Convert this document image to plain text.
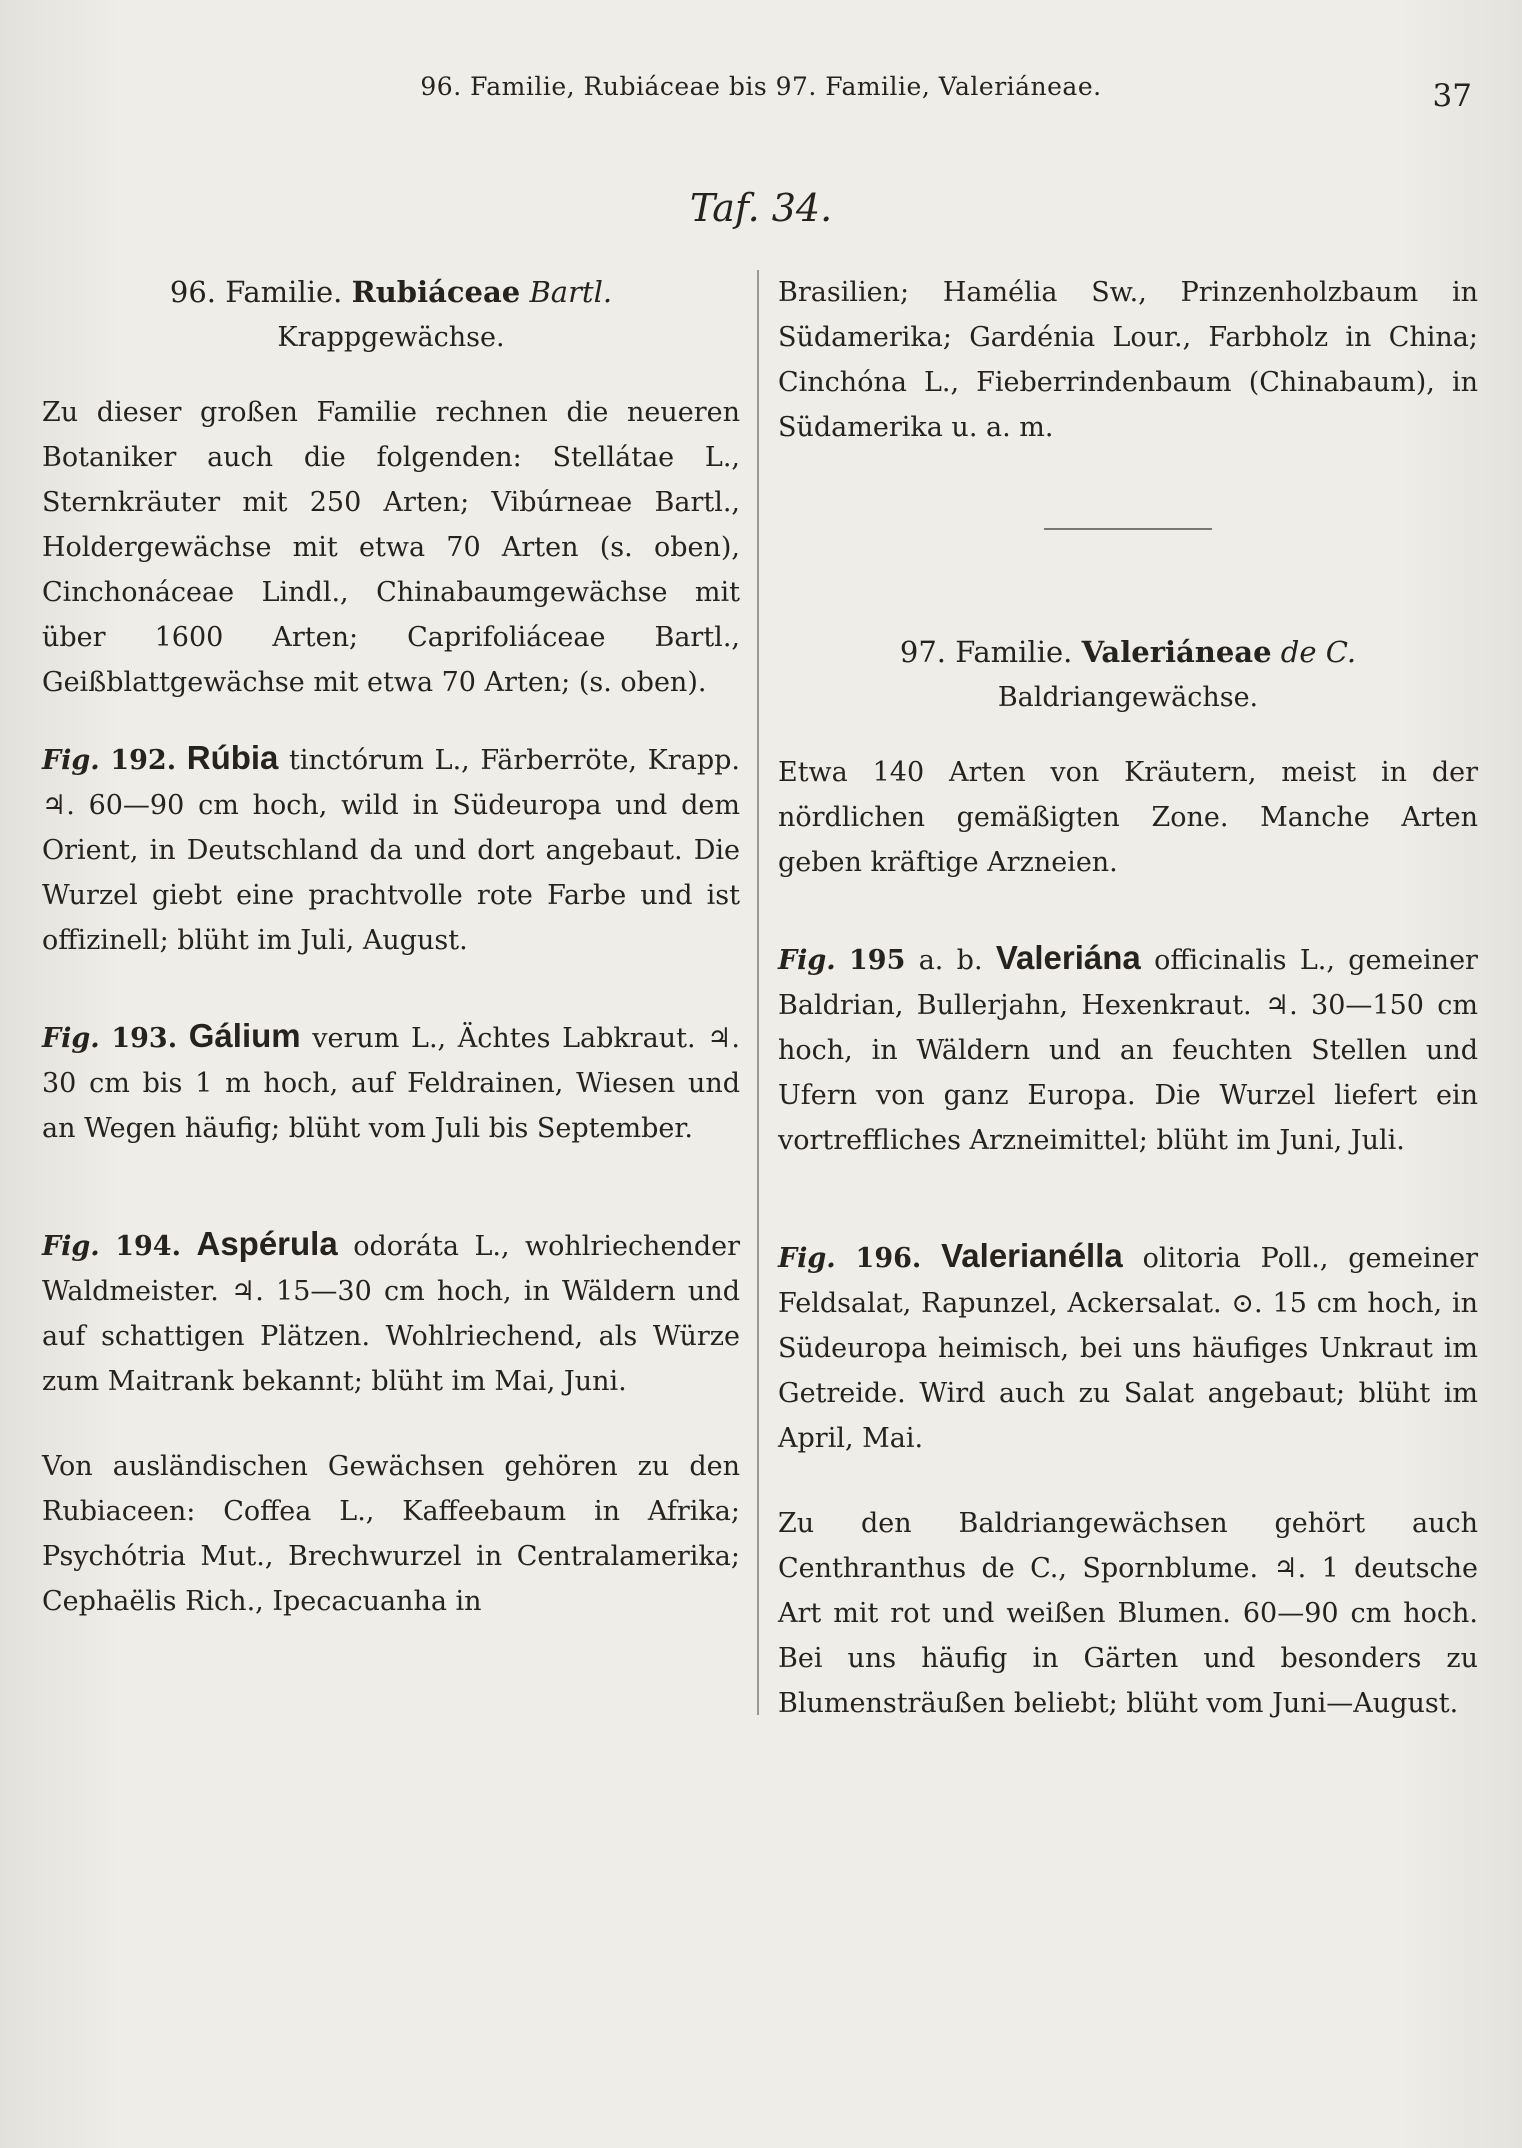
96. Familie, Rubiáceae bis 97. Familie, Valeriáneae.	37
Taf. 34.
96. Familie. Rubiáceae Bartl.
Krappgewächse.

Zu dieser großen Familie rechnen die neueren Botaniker auch die folgenden: Stellátae L., Sternkräuter mit 250 Arten; Vibúrneae Bartl., Holdergewächse mit etwa 70 Arten (s. oben), Cinchonáceae Lindl., Chinabaumgewächse mit über 1600 Arten; Caprifoliáceae Bartl., Geißblattgewächse mit etwa 70 Arten; (s. oben).

Fig. 192. Rúbia tinctórum L., Färberröte, Krapp. ♃. 60—90 cm hoch, wild in Südeuropa und dem Orient, in Deutschland da und dort angebaut. Die Wurzel giebt eine prachtvolle rote Farbe und ist offizinell; blüht im Juli, August.
Fig. 193. Gálium verum L., Ächtes Labkraut. ♃. 30 cm bis 1 m hoch, auf Feldrainen, Wiesen und an Wegen häufig; blüht vom Juli bis September.
Fig. 194. Aspérula odoráta L., wohlriechender Waldmeister. ♃. 15—30 cm hoch, in Wäldern und auf schattigen Plätzen. Wohlriechend, als Würze zum Maitrank bekannt; blüht im Mai, Juni.

Von ausländischen Gewächsen gehören zu den Rubiaceen: Coffea L., Kaffeebaum in Afrika; Psychótria Mut., Brechwurzel in Centralamerika; Cephaëlis Rich., Ipecacuanha in

Brasilien; Hamélia Sw., Prinzenholzbaum in Südamerika; Gardénia Lour., Farbholz in China; Cinchóna L., Fieberrindenbaum (Chinabaum), in Südamerika u. a. m.

97. Familie. Valeriáneae de C.
Baldriangewächse.

Etwa 140 Arten von Kräutern, meist in der nördlichen gemäßigten Zone. Manche Arten geben kräftige Arzneien.

Fig. 195 a. b. Valeriána officinalis L., gemeiner Baldrian, Bullerjahn, Hexenkraut. ♃. 30—150 cm hoch, in Wäldern und an feuchten Stellen und Ufern von ganz Europa. Die Wurzel liefert ein vortreffliches Arzneimittel; blüht im Juni, Juli.
Fig. 196. Valerianélla olitoria Poll., gemeiner Feldsalat, Rapunzel, Ackersalat. ⊙. 15 cm hoch, in Südeuropa heimisch, bei uns häufiges Unkraut im Getreide. Wird auch zu Salat angebaut; blüht im April, Mai.

Zu den Baldriangewächsen gehört auch Centhranthus de C., Spornblume. ♃. 1 deutsche Art mit rot und weißen Blumen. 60—90 cm hoch. Bei uns häufig in Gärten und besonders zu Blumensträußen beliebt; blüht vom Juni—August.
